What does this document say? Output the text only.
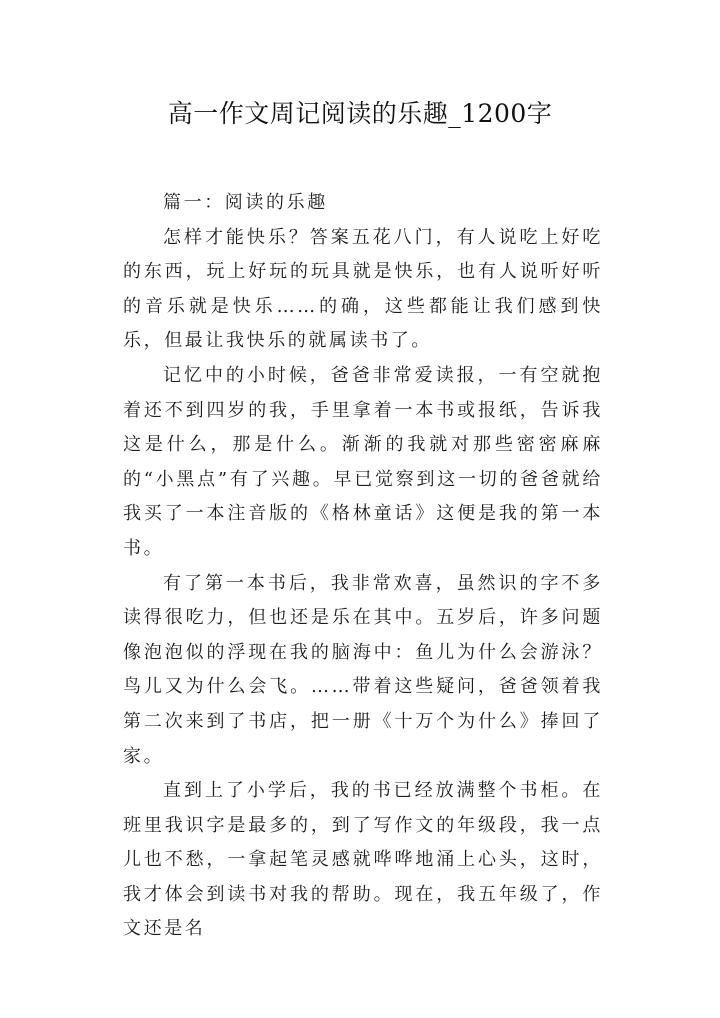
高一作文周记阅读的乐趣_1200字

篇一：阅读的乐趣

怎样才能快乐？答案五花八门，有人说吃上好吃的东西，玩上好玩的玩具就是快乐，也有人说听好听的音乐就是快乐……的确，这些都能让我们感到快乐，但最让我快乐的就属读书了。

记忆中的小时候，爸爸非常爱读报，一有空就抱着还不到四岁的我，手里拿着一本书或报纸，告诉我这是什么，那是什么。渐渐的我就对那些密密麻麻的“小黑点”有了兴趣。早已觉察到这一切的爸爸就给我买了一本注音版的《格林童话》这便是我的第一本书。

有了第一本书后，我非常欢喜，虽然识的字不多读得很吃力，但也还是乐在其中。五岁后，许多问题像泡泡似的浮现在我的脑海中：鱼儿为什么会游泳？鸟儿又为什么会飞。……带着这些疑问，爸爸领着我第二次来到了书店，把一册《十万个为什么》捧回了家。

直到上了小学后，我的书已经放满整个书柜。在班里我识字是最多的，到了写作文的年级段，我一点儿也不愁，一拿起笔灵感就哗哗地涌上心头，这时，我才体会到读书对我的帮助。现在，我五年级了，作文还是名
